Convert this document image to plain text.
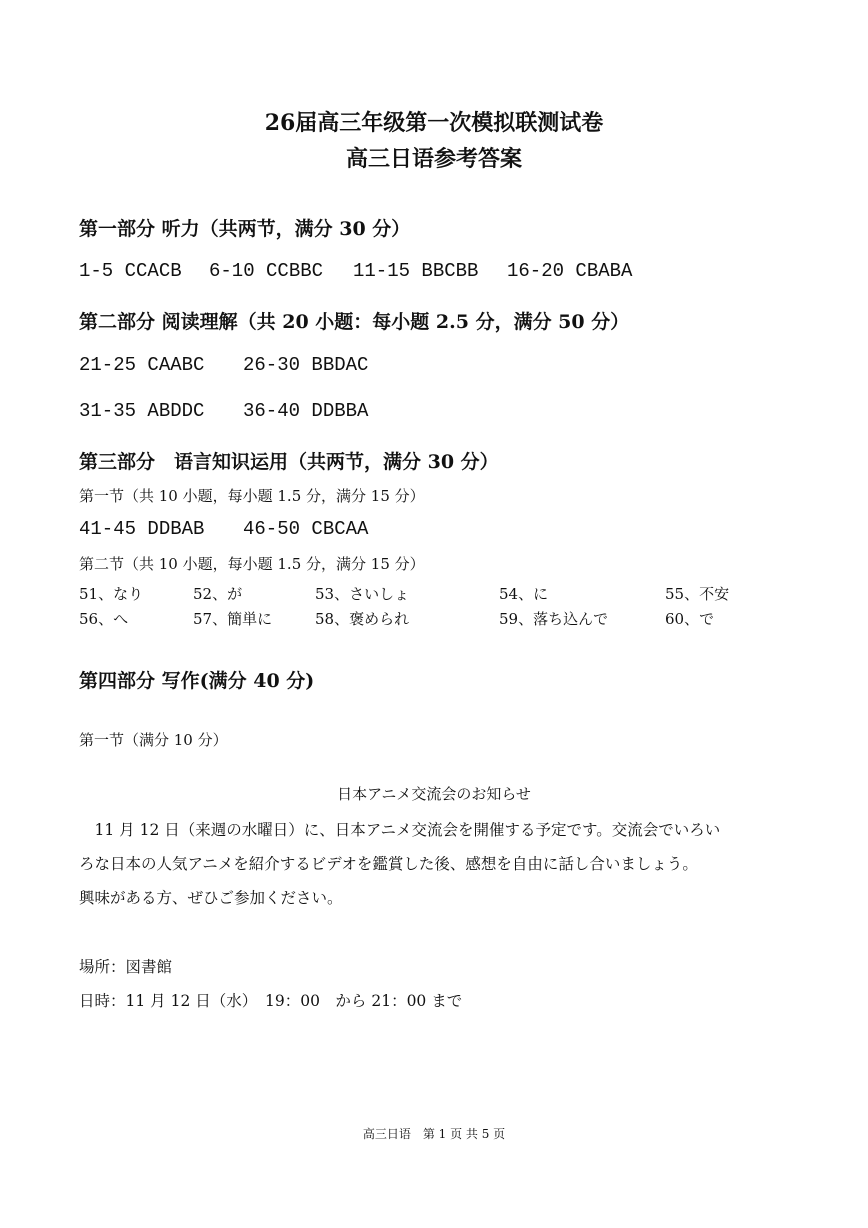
26届高三年级第一次模拟联测试卷
高三日语参考答案
第一部分 听力（共两节，满分 30 分）
1-5 CCACB 6-10 CCBBC 11-15 BBCBB 16-20 CBABA
第二部分 阅读理解（共 20 小题：每小题 2.5 分，满分 50 分）
21-25 CAABC 26-30 BBDAC
31-35 ABDDC 36-40 DDBBA
第三部分　语言知识运用（共两节，满分 30 分）
第一节（共 10 小题，每小题 1.5 分，满分 15 分）
41-45 DDBAB 46-50 CBCAA
第二节（共 10 小题，每小题 1.5 分，满分 15 分）
51、なり	52、が	53、さいしょ	54、に	55、不安
56、へ	57、簡単に	58、褒められ	59、落ち込んで	60、で
第四部分 写作(满分 40 分)
第一节（满分 10 分）
日本アニメ交流会のお知らせ
　11 月 12 日（来週の水曜日）に、日本アニメ交流会を開催する予定です。交流会でいろい
ろな日本の人気アニメを紹介するビデオを鑑賞した後、感想を自由に話し合いましょう。
興味がある方、ぜひご参加ください。
場所：図書館
日時：11 月 12 日（水）　19：00　から 21：00 まで
高三日语　第 1 页 共 5 页
